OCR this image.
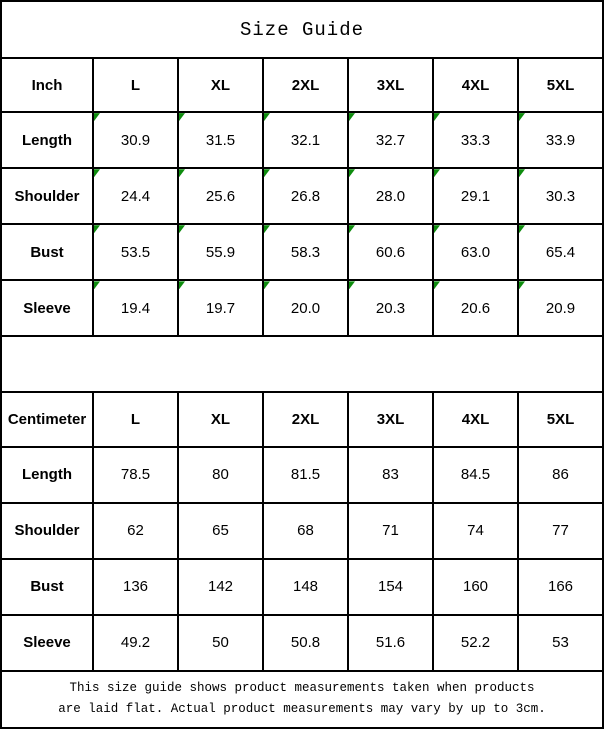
Size Guide						
Inch	L	XL	2XL	3XL	4XL	5XL
Length	30.9	31.5	32.1	32.7	33.3	33.9
Shoulder	24.4	25.6	26.8	28.0	29.1	30.3
Bust	53.5	55.9	58.3	60.6	63.0	65.4
Sleeve	19.4	19.7	20.0	20.3	20.6	20.9

Centimeter	L	XL	2XL	3XL	4XL	5XL
Length	78.5	80	81.5	83	84.5	86
Shoulder	62	65	68	71	74	77
Bust	136	142	148	154	160	166
Sleeve	49.2	50	50.8	51.6	52.2	53

This size guide shows product measurements taken when products
are laid flat. Actual product measurements may vary by up to 3cm.						
